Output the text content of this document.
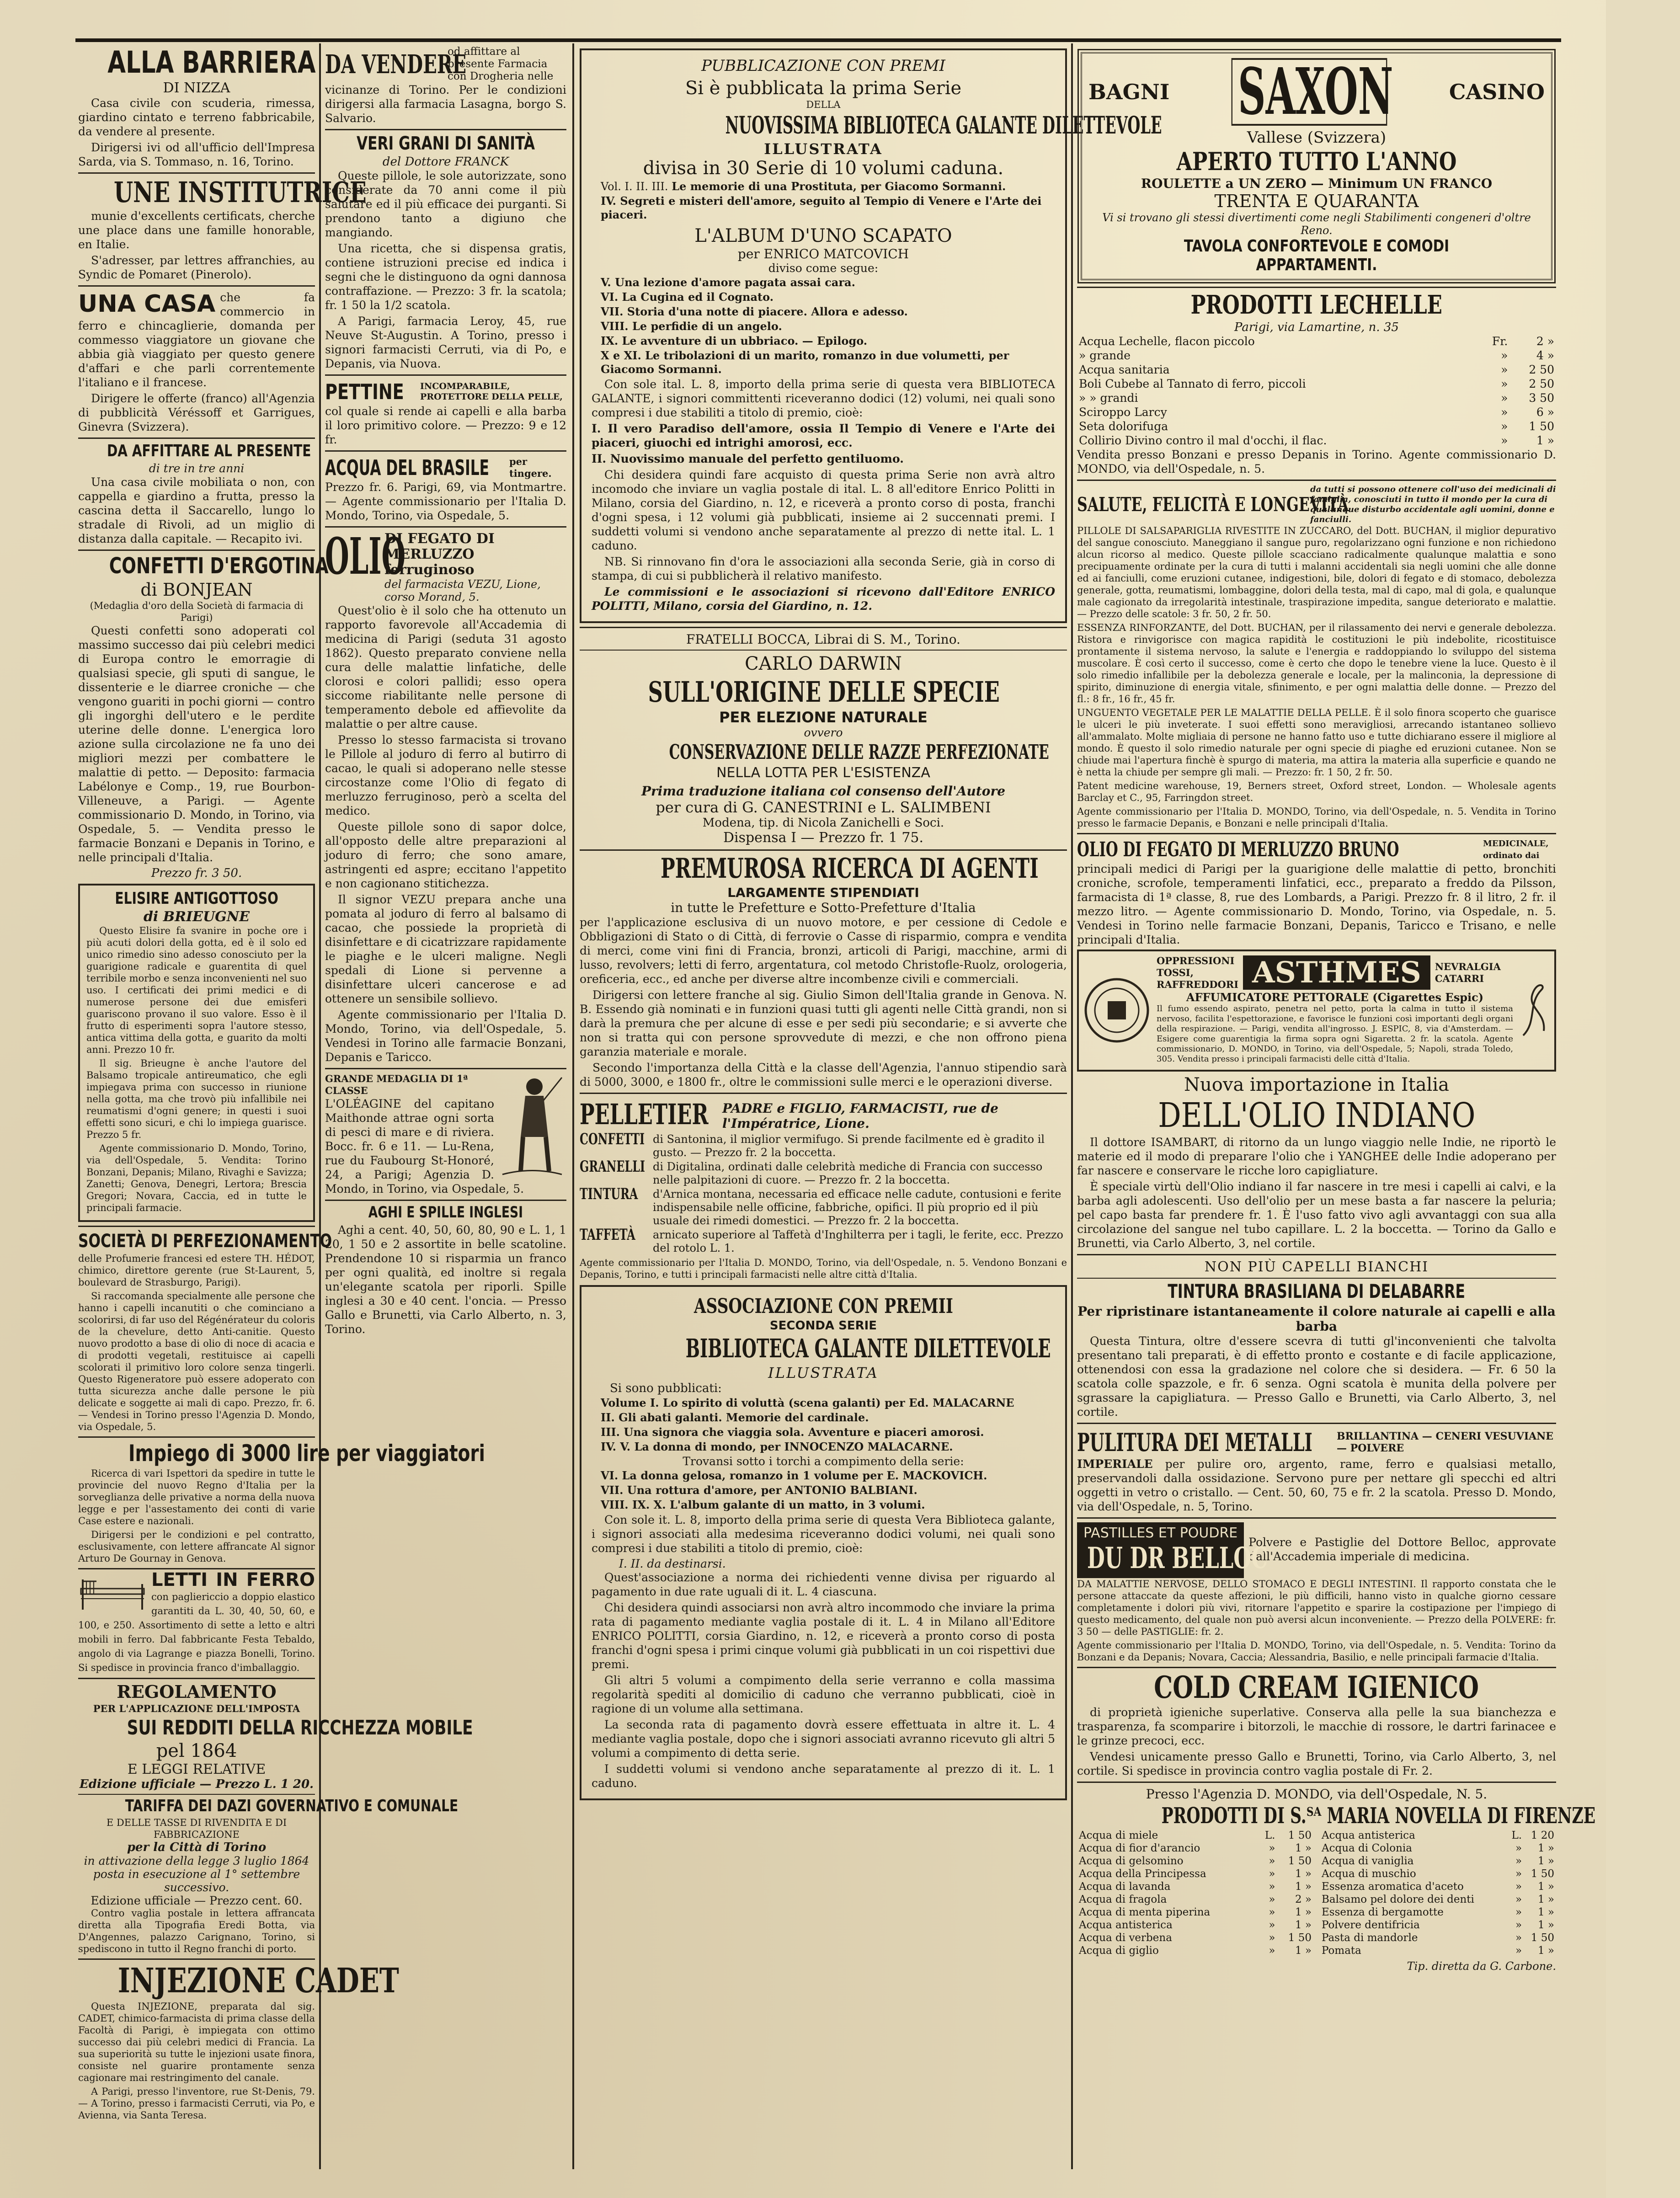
ALLA BARRIERA
DI NIZZA

Casa civile con scuderia, rimessa, giardino cintato e terreno fabbricabile, da vendere al presente.

Dirigersi ivi od all'ufficio dell'Impresa Sarda, via S. Tommaso, n. 16, Torino.

UNE INSTITUTRICE

munie d'excellents certificats, cherche une place dans une famille honorable, en Italie.

S'adresser, par lettres affranchies, au Syndic de Pomaret (Pinerolo).

UNA CASA che fa commercio in ferro e chincaglierie, domanda per commesso viaggiatore un giovane che abbia già viaggiato per questo genere d'affari e che parli correntemente l'italiano e il francese.

Dirigere le offerte (franco) all'Agenzia di pubblicità Véréssoff et Garrigues, Ginevra (Svizzera).

DA AFFITTARE AL PRESENTE
di tre in tre anni

Una casa civile mobiliata o non, con cappella e giardino a frutta, presso la cascina detta il Saccarello, lungo lo stradale di Rivoli, ad un miglio di distanza dalla capitale. — Recapito ivi.

CONFETTI D'ERGOTINA
di BONJEAN
(Medaglia d'oro della Società di farmacia di Parigi)

Questi confetti sono adoperati col massimo successo dai più celebri medici di Europa contro le emorragie di qualsiasi specie, gli sputi di sangue, le dissenterie e le diarree croniche — che vengono guariti in pochi giorni — contro gli ingorghi dell'utero e le perdite uterine delle donne. L'energica loro azione sulla circolazione ne fa uno dei migliori mezzi per combattere le malattie di petto. — Deposito: farmacia Labélonye e Comp., 19, rue Bourbon-Villeneuve, a Parigi. — Agente commissionario D. Mondo, in Torino, via Ospedale, 5. — Vendita presso le farmacie Bonzani e Depanis in Torino, e nelle principali d'Italia.

Prezzo fr. 3 50.
ELISIRE ANTIGOTTOSO
di BRIEUGNE

Questo Elisire fa svanire in poche ore i più acuti dolori della gotta, ed è il solo ed unico rimedio sino adesso conosciuto per la guarigione radicale e guarentita di quel terribile morbo e senza inconvenienti nel suo uso. I certificati dei primi medici e di numerose persone dei due emisferi guariscono provano il suo valore. Esso è il frutto di esperimenti sopra l'autore stesso, antica vittima della gotta, e guarito da molti anni. Prezzo 10 fr.

Il sig. Brieugne è anche l'autore del Balsamo tropicale antireumatico, che egli impiegava prima con successo in riunione nella gotta, ma che trovò più infallibile nei reumatismi d'ogni genere; in questi i suoi effetti sono sicuri, e chi lo impiega guarisce. Prezzo 5 fr.

Agente commissionario D. Mondo, Torino, via dell'Ospedale, 5. Vendita: Torino Bonzani, Depanis; Milano, Rivaghi e Savizza; Zanetti; Genova, Denegri, Lertora; Brescia Gregori; Novara, Caccia, ed in tutte le principali farmacie.

SOCIETÀ DI PERFEZIONAMENTO

delle Profumerie francesi ed estere TH. HÉDOT, chimico, direttore gerente (rue St-Laurent, 5, boulevard de Strasburgo, Parigi).

Si raccomanda specialmente alle persone che hanno i capelli incanutiti o che cominciano a scolorirsi, di far uso del Régénérateur du coloris de la chevelure, detto Anti-canitie. Questo nuovo prodotto a base di olio di noce di acacia e di prodotti vegetali, restituisce ai capelli scolorati il primitivo loro colore senza tingerli. Questo Rigeneratore può essere adoperato con tutta sicurezza anche dalle persone le più delicate e soggette ai mali di capo. Prezzo, fr. 6. — Vendesi in Torino presso l'Agenzia D. Mondo, via Ospedale, 5.

Impiego di 3000 lire per viaggiatori

Ricerca di vari Ispettori da spedire in tutte le provincie del nuovo Regno d'Italia per la sorveglianza delle privative a norma della nuova legge e per l'assestamento dei conti di varie Case estere e nazionali.

Dirigersi per le condizioni e pel contratto, esclusivamente, con lettere affrancate Al signor Arturo De Gournay in Genova.

LETTI IN FERRO con pagliericcio a doppio elastico garantiti da L. 30, 40, 50, 60, e 100, e 250. Assortimento di sette a letto e altri mobili in ferro. Dal fabbricante Festa Tebaldo, angolo di via Lagrange e piazza Bonelli, Torino. Si spedisce in provincia franco d'imballaggio.

REGOLAMENTO
PER L'APPLICAZIONE DELL'IMPOSTA
SUI REDDITI DELLA RICCHEZZA MOBILE
pel 1864
E LEGGI RELATIVE
Edizione ufficiale — Prezzo L. 1 20.
TARIFFA DEI DAZI GOVERNATIVO E COMUNALE
E DELLE TASSE DI RIVENDITA E DI FABBRICAZIONE
per la Città di Torino
in attivazione della legge 3 luglio 1864
posta in esecuzione al 1° settembre successivo.
Edizione ufficiale — Prezzo cent. 60.

Contro vaglia postale in lettera affrancata diretta alla Tipografia Eredi Botta, via D'Angennes, palazzo Carignano, Torino, si spediscono in tutto il Regno franchi di porto.

INJEZIONE CADET

Questa INJEZIONE, preparata dal sig. CADET, chimico-farmacista di prima classe della Facoltà di Parigi, è impiegata con ottimo successo dai più celebri medici di Francia. La sua superiorità su tutte le injezioni usate finora, consiste nel guarire prontamente senza cagionare mai restringimento del canale.

A Parigi, presso l'inventore, rue St-Denis, 79. — A Torino, presso i farmacisti Cerruti, via Po, e Avienna, via Santa Teresa.

DA VENDERE
od affittare al presente Farmacia con Drogheria nelle

vicinanze di Torino. Per le condizioni dirigersi alla farmacia Lasagna, borgo S. Salvario.

VERI GRANI DI SANITÀ
del Dottore FRANCK

Queste pillole, le sole autorizzate, sono considerate da 70 anni come il più salutare ed il più efficace dei purganti. Si prendono tanto a digiuno che mangiando.

Una ricetta, che si dispensa gratis, contiene istruzioni precise ed indica i segni che le distinguono da ogni dannosa contraffazione. — Prezzo: 3 fr. la scatola; fr. 1 50 la 1/2 scatola.

A Parigi, farmacia Leroy, 45, rue Neuve St-Augustin. A Torino, presso i signori farmacisti Cerruti, via di Po, e Depanis, via Nuova.

PETTINE INCOMPARABILE, PROTETTORE DELLA PELLE,

col quale si rende ai capelli e alla barba il loro primitivo colore. — Prezzo: 9 e 12 fr.

ACQUA DEL BRASILE per tingere.

Prezzo fr. 6. Parigi, 69, via Montmartre. — Agente commissionario per l'Italia D. Mondo, Torino, via Ospedale, 5.

OLIO
DI FEGATO DI MERLUZZO ferruginoso
del farmacista VEZU, Lione, corso Morand, 5.

Quest'olio è il solo che ha ottenuto un rapporto favorevole all'Accademia di medicina di Parigi (seduta 31 agosto 1862). Questo preparato conviene nella cura delle malattie linfatiche, delle clorosi e colori pallidi; esso opera siccome riabilitante nelle persone di temperamento debole ed affievolite da malattie o per altre cause.

Presso lo stesso farmacista si trovano le Pillole al joduro di ferro al butirro di cacao, le quali si adoperano nelle stesse circostanze come l'Olio di fegato di merluzzo ferruginoso, però a scelta del medico.

Queste pillole sono di sapor dolce, all'opposto delle altre preparazioni al joduro di ferro; che sono amare, astringenti ed aspre; eccitano l'appetito e non cagionano stitichezza.

Il signor VEZU prepara anche una pomata al joduro di ferro al balsamo di cacao, che possiede la proprietà di disinfettare e di cicatrizzare rapidamente le piaghe e le ulceri maligne. Negli spedali di Lione si pervenne a disinfettare ulceri cancerose e ad ottenere un sensibile sollievo.

Agente commissionario per l'Italia D. Mondo, Torino, via dell'Ospedale, 5. Vendesi in Torino alle farmacie Bonzani, Depanis e Taricco.

GRANDE MEDAGLIA DI 1ª CLASSE

L'OLÉAGINE del capitano Maithonde attrae ogni sorta di pesci di mare e di riviera. Bocc. fr. 6 e 11. — Lu-Rena, rue du Faubourg St-Honoré, 24, a Parigi; Agenzia D. Mondo, in Torino, via Ospedale, 5.

AGHI E SPILLE INGLESI

Aghi a cent. 40, 50, 60, 80, 90 e L. 1, 1 20, 1 50 e 2 assortite in belle scatoline. Prendendone 10 si risparmia un franco per ogni qualità, ed inoltre si regala un'elegante scatola per riporli. Spille inglesi a 30 e 40 cent. l'oncia. — Presso Gallo e Brunetti, via Carlo Alberto, n. 3, Torino.

PUBBLICAZIONE CON PREMI
Si è pubblicata la prima Serie
DELLA
NUOVISSIMA BIBLIOTECA GALANTE DILETTEVOLE
ILLUSTRATA
divisa in 30 Serie di 10 volumi caduna.
Vol. I. II. III. Le memorie di una Prostituta, per Giacomo Sormanni.
IV. Segreti e misteri dell'amore, seguito al Tempio di Venere e l'Arte dei piaceri.
L'ALBUM D'UNO SCAPATO
per ENRICO MATCOVICH
diviso come segue:
V. Una lezione d'amore pagata assai cara.
VI. La Cugina ed il Cognato.
VII. Storia d'una notte di piacere. Allora e adesso.
VIII. Le perfidie di un angelo.
IX. Le avventure di un ubbriaco. — Epilogo.
X e XI. Le tribolazioni di un marito, romanzo in due volumetti, per Giacomo Sormanni.

Con sole ital. L. 8, importo della prima serie di questa vera BIBLIOTECA GALANTE, i signori committenti riceveranno dodici (12) volumi, nei quali sono compresi i due stabiliti a titolo di premio, cioè:

I. Il vero Paradiso dell'amore, ossia Il Tempio di Venere e l'Arte dei piaceri, giuochi ed intrighi amorosi, ecc.

II. Nuovissimo manuale del perfetto gentiluomo.

Chi desidera quindi fare acquisto di questa prima Serie non avrà altro incomodo che inviare un vaglia postale di ital. L. 8 all'editore Enrico Politti in Milano, corsia del Giardino, n. 12, e riceverà a pronto corso di posta, franchi d'ogni spesa, i 12 volumi già pubblicati, insieme ai 2 succennati premi. I suddetti volumi si vendono anche separatamente al prezzo di nette ital. L. 1 caduno.

NB. Si rinnovano fin d'ora le associazioni alla seconda Serie, già in corso di stampa, di cui si pubblicherà il relativo manifesto.

Le commissioni e le associazioni si ricevono dall'Editore ENRICO POLITTI, Milano, corsia del Giardino, n. 12.

FRATELLI BOCCA, Librai di S. M., Torino.
CARLO DARWIN
SULL'ORIGINE DELLE SPECIE
PER ELEZIONE NATURALE
ovvero
CONSERVAZIONE DELLE RAZZE PERFEZIONATE
NELLA LOTTA PER L'ESISTENZA
Prima traduzione italiana col consenso dell'Autore
per cura di G. CANESTRINI e L. SALIMBENI
Modena, tip. di Nicola Zanichelli e Soci.
Dispensa I — Prezzo fr. 1 75.
PREMUROSA RICERCA DI AGENTI
LARGAMENTE STIPENDIATI
in tutte le Prefetture e Sotto-Prefetture d'Italia

per l'applicazione esclusiva di un nuovo motore, e per cessione di Cedole e Obbligazioni di Stato o di Città, di ferrovie o Casse di risparmio, compra e vendita di merci, come vini fini di Francia, bronzi, articoli di Parigi, macchine, armi di lusso, revolvers; letti di ferro, argentatura, col metodo Christofle-Ruolz, orologeria, oreficeria, ecc., ed anche per diverse altre incombenze civili e commerciali.

Dirigersi con lettere franche al sig. Giulio Simon dell'Italia grande in Genova. N. B. Essendo già nominati e in funzioni quasi tutti gli agenti nelle Città grandi, non si darà la premura che per alcune di esse e per sedi più secondarie; e si avverte che non si tratta qui con persone sprovvedute di mezzi, e che non offrono piena garanzia materiale e morale.

Secondo l'importanza della Città e la classe dell'Agenzia, l'annuo stipendio sarà di 5000, 3000, e 1800 fr., oltre le commissioni sulle merci e le operazioni diverse.

PELLETIER PADRE e FIGLIO, FARMACISTI, rue de l'Impératrice, Lione.
CONFETTI di Santonina, il miglior vermifugo. Si prende facilmente ed è gradito il gusto. — Prezzo fr. 2 la boccetta.
GRANELLI di Digitalina, ordinati dalle celebrità mediche di Francia con successo nelle palpitazioni di cuore. — Prezzo fr. 2 la boccetta.
TINTURA d'Arnica montana, necessaria ed efficace nelle cadute, contusioni e ferite indispensabile nelle officine, fabbriche, opifici. Il più proprio ed il più usuale dei rimedi domestici. — Prezzo fr. 2 la boccetta.
TAFFETÀ arnicato superiore al Taffetà d'Inghilterra per i tagli, le ferite, ecc. Prezzo del rotolo L. 1.

Agente commissionario per l'Italia D. MONDO, Torino, via dell'Ospedale, n. 5. Vendono Bonzani e Depanis, Torino, e tutti i principali farmacisti nelle altre città d'Italia.

ASSOCIAZIONE CON PREMII
SECONDA SERIE
BIBLIOTECA GALANTE DILETTEVOLE
ILLUSTRATA
Si sono pubblicati:
Volume I. Lo spirito di voluttà (scena galanti) per Ed. MALACARNE
II. Gli abati galanti. Memorie del cardinale.
III. Una signora che viaggia sola. Avventure e piaceri amorosi.
IV. V. La donna di mondo, per INNOCENZO MALACARNE.
Trovansi sotto i torchi a compimento della serie:
VI. La donna gelosa, romanzo in 1 volume per E. MACKOVICH.
VII. Una rottura d'amore, per ANTONIO BALBIANI.
VIII. IX. X. L'album galante di un matto, in 3 volumi.

Con sole it. L. 8, importo della prima serie di questa Vera Biblioteca galante, i signori associati alla medesima riceveranno dodici volumi, nei quali sono compresi i due stabiliti a titolo di premio, cioè:

I. II. da destinarsi.

Quest'associazione a norma dei richiedenti venne divisa per riguardo al pagamento in due rate uguali di it. L. 4 ciascuna.

Chi desidera quindi associarsi non avrà altro incommodo che inviare la prima rata di pagamento mediante vaglia postale di it. L. 4 in Milano all'Editore ENRICO POLITTI, corsia Giardino, n. 12, e riceverà a pronto corso di posta franchi d'ogni spesa i primi cinque volumi già pubblicati in un coi rispettivi due premi.

Gli altri 5 volumi a compimento della serie verranno e colla massima regolarità spediti al domicilio di caduno che verranno pubblicati, cioè in ragione di un volume alla settimana.

La seconda rata di pagamento dovrà essere effettuata in altre it. L. 4 mediante vaglia postale, dopo che i signori associati avranno ricevuto gli altri 5 volumi a compimento di detta serie.

I suddetti volumi si vendono anche separatamente al prezzo di it. L. 1 caduno.

BAGNI SAXON	CASINO
Vallese (Svizzera)
APERTO TUTTO L'ANNO
ROULETTE a UN ZERO — Minimum UN FRANCO
TRENTA E QUARANTA
Vi si trovano gli stessi divertimenti come negli Stabilimenti congeneri d'oltre Reno.
TAVOLA CONFORTEVOLE E COMODI APPARTAMENTI.
PRODOTTI LECHELLE
Parigi, via Lamartine, n. 35
Acqua Lechelle, flacon piccolo	Fr.	2 »
» grande	»	4 »
Acqua sanitaria	»	2 50
Boli Cubebe al Tannato di ferro, piccoli	»	2 50
» » grandi	»	3 50
Sciroppo Larcy	»	6 »
Seta dolorifuga	»	1 50
Collirio Divino contro il mal d'occhi, il flac.	»	1 »

Vendita presso Bonzani e presso Depanis in Torino. Agente commissionario D. MONDO, via dell'Ospedale, n. 5.

SALUTE, FELICITÀ E LONGEVITÀ
da tutti si possono ottenere coll'uso dei medicinali di famiglia, conosciuti in tutto il mondo per la cura di qualunque disturbo accidentale agli uomini, donne e fanciulli.

PILLOLE DI SALSAPARIGLIA RIVESTITE IN ZUCCARO, del Dott. BUCHAN, il miglior depurativo del sangue conosciuto. Maneggiano il sangue puro, regolarizzano ogni funzione e non richiedono alcun ricorso al medico. Queste pillole scacciano radicalmente qualunque malattia e sono precipuamente ordinate per la cura di tutti i malanni accidentali sia negli uomini che alle donne ed ai fanciulli, come eruzioni cutanee, indigestioni, bile, dolori di fegato e di stomaco, debolezza generale, gotta, reumatismi, lombaggine, dolori della testa, mal di capo, mal di gola, e qualunque male cagionato da irregolarità intestinale, traspirazione impedita, sangue deteriorato e malattie. — Prezzo delle scatole: 3 fr. 50, 2 fr. 50.

ESSENZA RINFORZANTE, del Dott. BUCHAN, per il rilassamento dei nervi e generale debolezza. Ristora e rinvigorisce con magica rapidità le costituzioni le più indebolite, ricostituisce prontamente il sistema nervoso, la salute e l'energia e raddoppiando lo sviluppo del sistema muscolare. È così certo il successo, come è certo che dopo le tenebre viene la luce. Questo è il solo rimedio infallibile per la debolezza generale e locale, per la malinconia, la depressione di spirito, diminuzione di energia vitale, sfinimento, e per ogni malattia delle donne. — Prezzo del fl.: 8 fr., 16 fr., 45 fr.

UNGUENTO VEGETALE PER LE MALATTIE DELLA PELLE. È il solo finora scoperto che guarisce le ulceri le più inveterate. I suoi effetti sono meravigliosi, arrecando istantaneo sollievo all'ammalato. Molte migliaia di persone ne hanno fatto uso e tutte dichiarano essere il migliore al mondo. È questo il solo rimedio naturale per ogni specie di piaghe ed eruzioni cutanee. Non se chiude mai l'apertura finchè è spurgo di materia, ma attira la materia alla superficie e quando ne è netta la chiude per sempre gli mali. — Prezzo: fr. 1 50, 2 fr. 50.

Patent medicine warehouse, 19, Berners street, Oxford street, London. — Wholesale agents Barclay et C., 95, Farringdon street.

Agente commissionario per l'Italia D. MONDO, Torino, via dell'Ospedale, n. 5. Vendita in Torino presso le farmacie Depanis, e Bonzani e nelle principali d'Italia.

OLIO DI FEGATO DI MERLUZZO BRUNO	MEDICINALE, ordinato dai

principali medici di Parigi per la guarigione delle malattie di petto, bronchiti croniche, scrofole, temperamenti linfatici, ecc., preparato a freddo da Pilsson, farmacista di 1ª classe, 8, rue des Lombards, a Parigi. Prezzo fr. 8 il litro, 2 fr. il mezzo litro. — Agente commissionario D. Mondo, Torino, via Ospedale, n. 5. Vendesi in Torino nelle farmacie Bonzani, Depanis, Taricco e Trisano, e nelle principali d'Italia.

OPPRESSIONI TOSSI, RAFFREDDORI ASTHMES	NEVRALGIA CATARRI
AFFUMICATORE PETTORALE (Cigarettes Espic)

Il fumo essendo aspirato, penetra nel petto, porta la calma in tutto il sistema nervoso, facilita l'espettorazione, e favorisce le funzioni così importanti degli organi della respirazione. — Parigi, vendita all'ingrosso. J. ESPIC, 8, via d'Amsterdam. — Esigere come guarentigia la firma sopra ogni Sigaretta. 2 fr. la scatola. Agente commissionario, D. MONDO, in Torino, via dell'Ospedale, 5; Napoli, strada Toledo, 305. Vendita presso i principali farmacisti delle città d'Italia.

Nuova importazione in Italia
DELL'OLIO INDIANO

Il dottore ISAMBART, di ritorno da un lungo viaggio nelle Indie, ne riportò le materie ed il modo di preparare l'olio che i YANGHEE delle Indie adoperano per far nascere e conservare le ricche loro capigliature.

È speciale virtù dell'Olio indiano il far nascere in tre mesi i capelli ai calvi, e la barba agli adolescenti. Uso dell'olio per un mese basta a far nascere la peluria; pel capo basta far prendere fr. 1. È l'uso fatto vivo agli avvantaggi con sua alla circolazione del sangue nel tubo capillare. L. 2 la boccetta. — Torino da Gallo e Brunetti, via Carlo Alberto, 3, nel cortile.

NON PIÙ CAPELLI BIANCHI
TINTURA BRASILIANA DI DELABARRE
Per ripristinare istantaneamente il colore naturale ai capelli e alla barba

Questa Tintura, oltre d'essere scevra di tutti gl'inconvenienti che talvolta presentano tali preparati, è di effetto pronto e costante e di facile applicazione, ottenendosi con essa la gradazione nel colore che si desidera. — Fr. 6 50 la scatola colle spazzole, e fr. 6 senza. Ogni scatola è munita della polvere per sgrassare la capigliatura. — Presso Gallo e Brunetti, via Carlo Alberto, 3, nel cortile.

PULITURA DEI METALLI BRILLANTINA — CENERI VESUVIANE — POLVERE

IMPERIALE per pulire oro, argento, rame, ferro e qualsiasi metallo, preservandoli dalla ossidazione. Servono pure per nettare gli specchi ed altri oggetti in vetro o cristallo. — Cent. 50, 60, 75 e fr. 2 la scatola. Presso D. Mondo, via dell'Ospedale, n. 5, Torino.

PASTILLES ET POUDRE
DU DR BELLOC

Polvere e Pastiglie del Dottore Belloc, approvate dall'Accademia imperiale di medicina.

DA MALATTIE NERVOSE, DELLO STOMACO E DEGLI INTESTINI. Il rapporto constata che le persone attaccate da queste affezioni, le più difficili, hanno visto in qualche giorno cessare completamente i dolori più vivi, ritornare l'appetito e sparire la costipazione per l'impiego di questo medicamento, del quale non può aversi alcun inconveniente. — Prezzo della POLVERE: fr. 3 50 — delle PASTIGLIE: fr. 2.

Agente commissionario per l'Italia D. MONDO, Torino, via dell'Ospedale, n. 5. Vendita: Torino da Bonzani e da Depanis; Novara, Caccia; Alessandria, Basilio, e nelle principali farmacie d'Italia.

COLD CREAM IGIENICO

di proprietà igieniche superlative. Conserva alla pelle la sua bianchezza e trasparenza, fa scomparire i bitorzoli, le macchie di rossore, le dartri farinacee e le grinze precoci, ecc.

Vendesi unicamente presso Gallo e Brunetti, Torino, via Carlo Alberto, 3, nel cortile. Si spedisce in provincia contro vaglia postale di Fr. 2.

Presso l'Agenzia D. MONDO, via dell'Ospedale, N. 5.
PRODOTTI DI S.ᵀᴬ MARIA NOVELLA DI FIRENZE
Acqua di miele	L.	1 50
Acqua di fior d'arancio	»	1 »
Acqua di gelsomino	»	1 50
Acqua della Principessa	»	1 »
Acqua di lavanda	»	1 »
Acqua di fragola	»	2 »
Acqua di menta piperina	»	1 »
Acqua antisterica	»	1 »
Acqua di verbena	»	1 50
Acqua di giglio	»	1 »
Acqua antisterica	L.	1 20
Acqua di Colonia	»	1 »
Acqua di vaniglia	»	1 »
Acqua di muschio	»	1 50
Essenza aromatica d'aceto	»	1 »
Balsamo pel dolore dei denti	»	1 »
Essenza di bergamotte	»	1 »
Polvere dentifricia	»	1 »
Pasta di mandorle	»	1 50
Pomata	»	1 »
Tip. diretta da G. Carbone.
